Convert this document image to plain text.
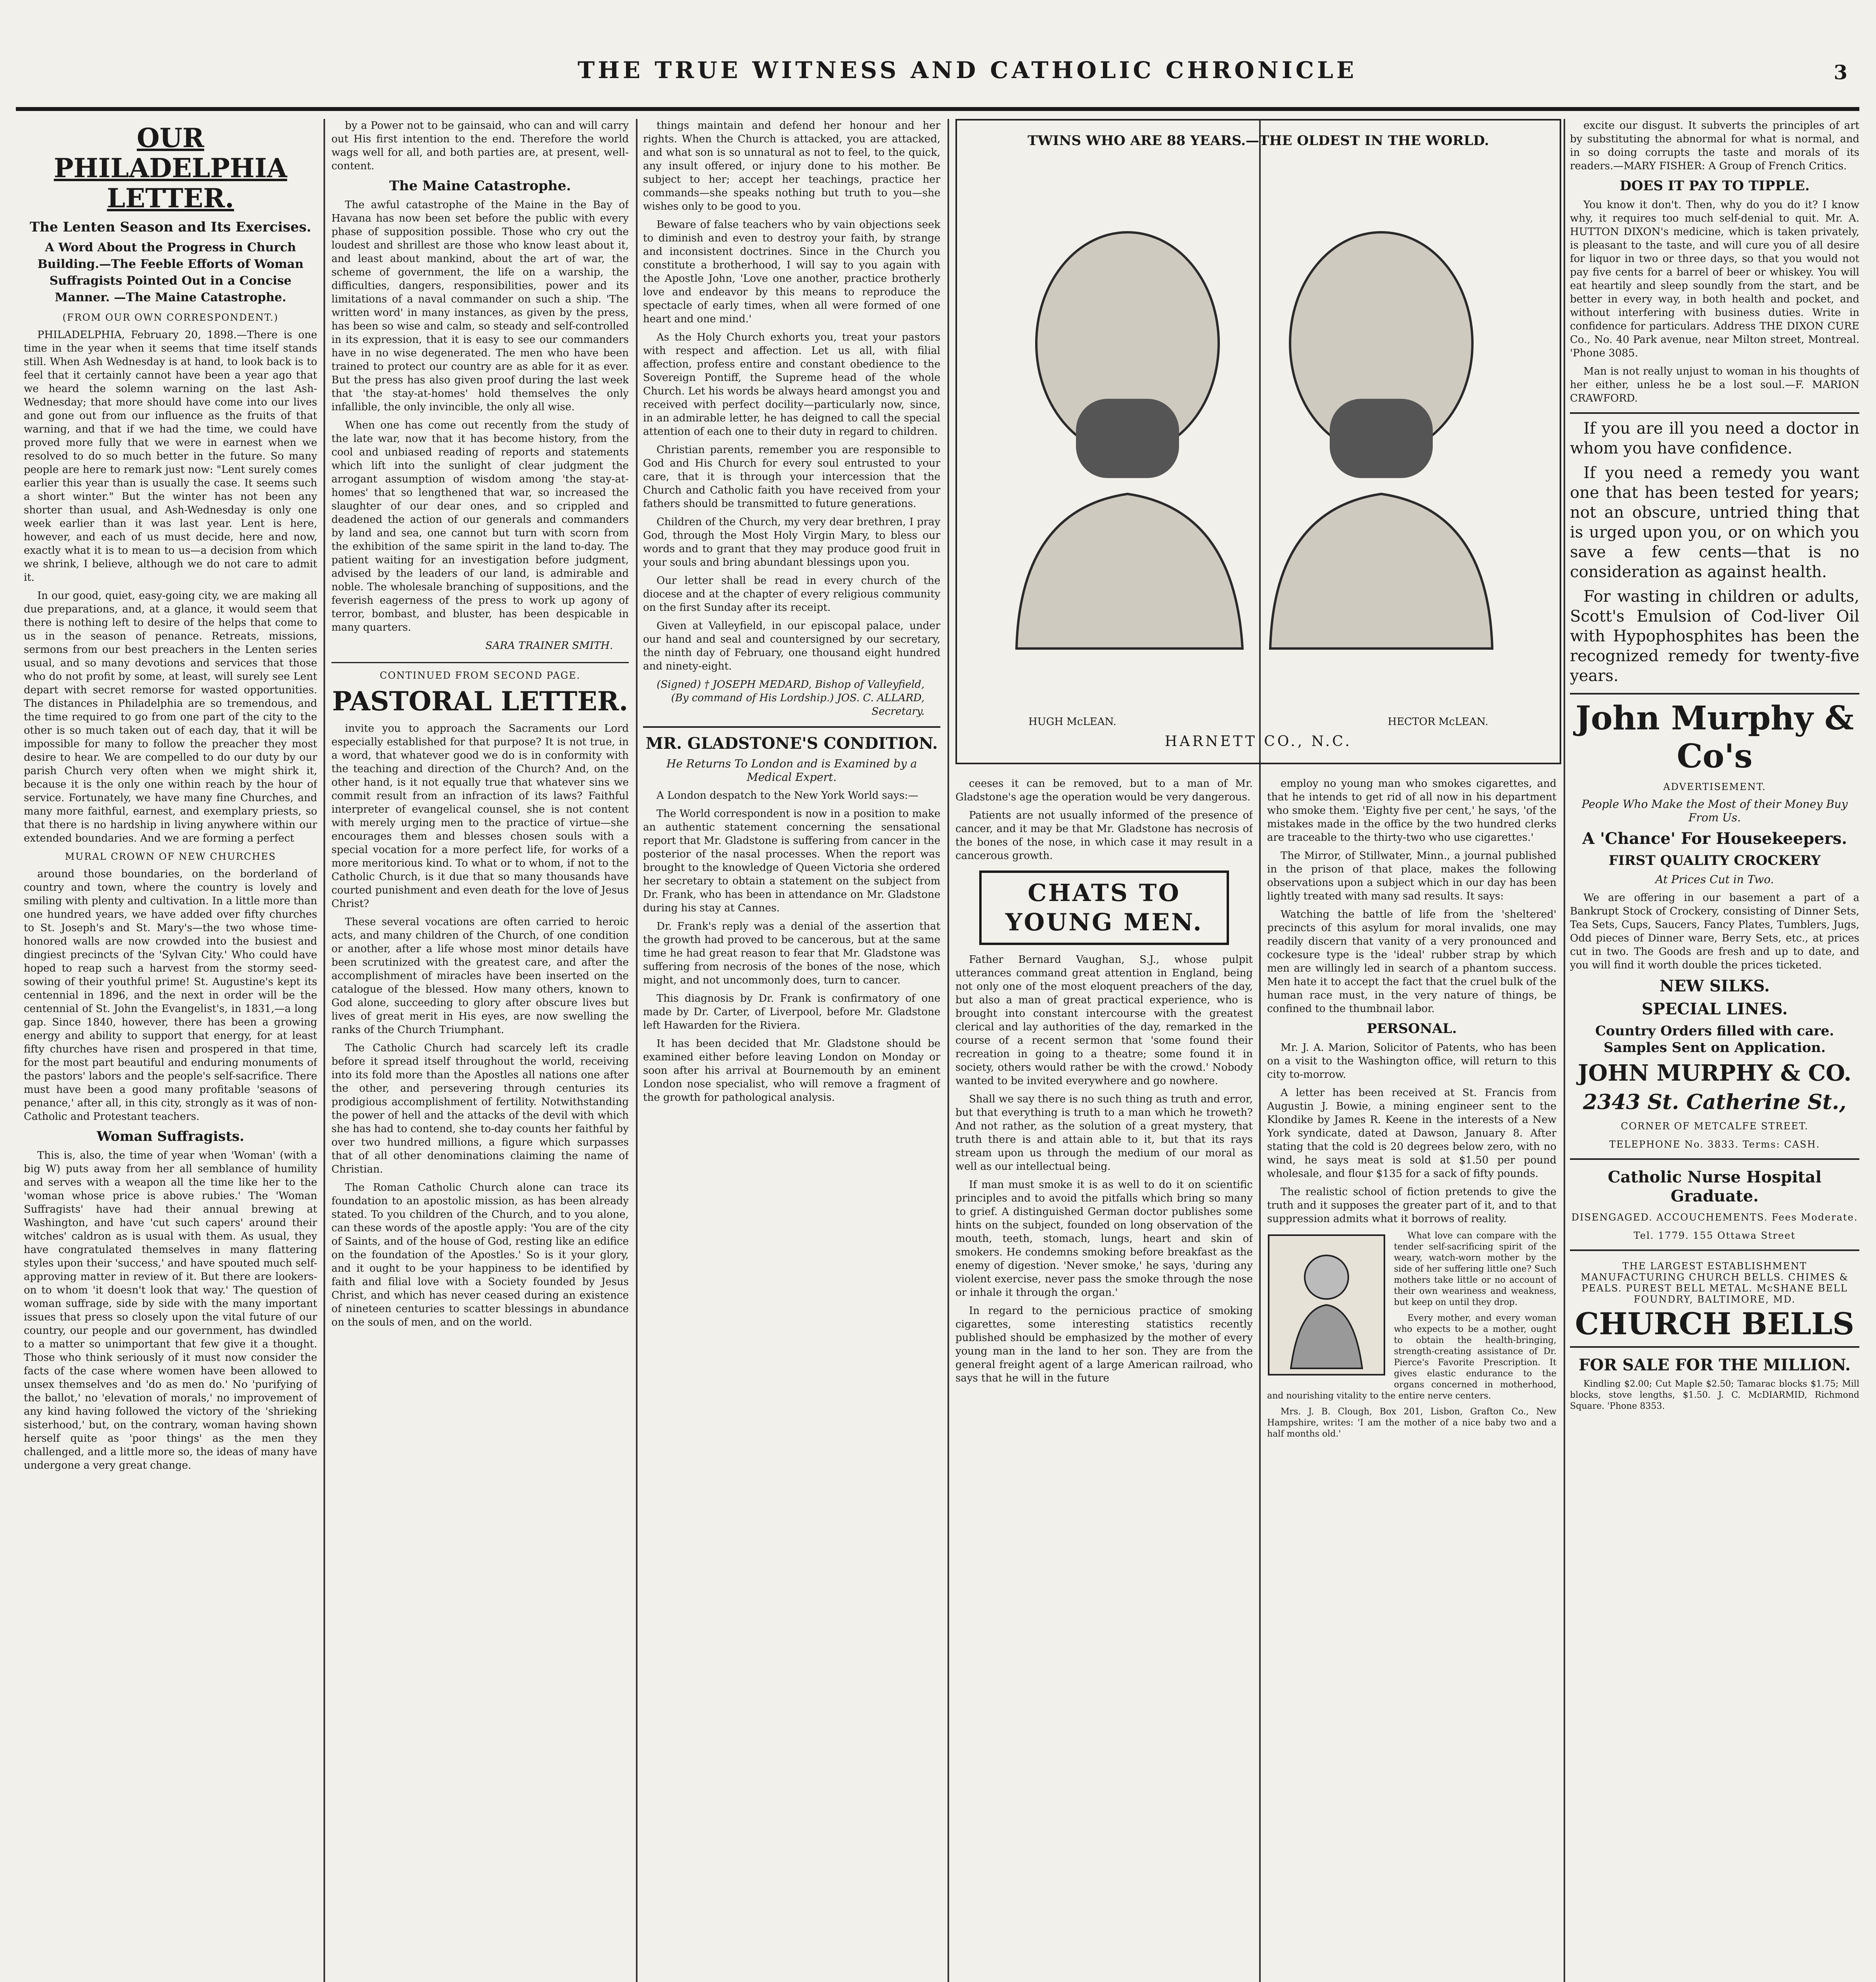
THE TRUE WITNESS AND CATHOLIC CHRONICLE	3
OUR PHILADELPHIA LETTER.
The Lenten Season and Its Exercises.
A Word About the Progress in Church Building.—The Feeble Efforts of Woman Suffragists Pointed Out in a Concise Manner. —The Maine Catastrophe.
(FROM OUR OWN CORRESPONDENT.)

PHILADELPHIA, February 20, 1898.—There is one time in the year when it seems that time itself stands still. When Ash Wednesday is at hand, to look back is to feel that it certainly cannot have been a year ago that we heard the solemn warning on the last Ash-Wednesday; that more should have come into our lives and gone out from our influence as the fruits of that warning, and that if we had the time, we could have proved more fully that we were in earnest when we resolved to do so much better in the future. So many people are here to remark just now: "Lent surely comes earlier this year than is usually the case. It seems such a short winter." But the winter has not been any shorter than usual, and Ash-Wednesday is only one week earlier than it was last year. Lent is here, however, and each of us must decide, here and now, exactly what it is to mean to us—a decision from which we shrink, I believe, although we do not care to admit it.

In our good, quiet, easy-going city, we are making all due preparations, and, at a glance, it would seem that there is nothing left to desire of the helps that come to us in the season of penance. Retreats, missions, sermons from our best preachers in the Lenten series usual, and so many devotions and services that those who do not profit by some, at least, will surely see Lent depart with secret remorse for wasted opportunities. The distances in Philadelphia are so tremendous, and the time required to go from one part of the city to the other is so much taken out of each day, that it will be impossible for many to follow the preacher they most desire to hear. We are compelled to do our duty by our parish Church very often when we might shirk it, because it is the only one within reach by the hour of service. Fortunately, we have many fine Churches, and many more faithful, earnest, and exemplary priests, so that there is no hardship in living anywhere within our extended boundaries. And we are forming a perfect

MURAL CROWN OF NEW CHURCHES

around those boundaries, on the borderland of country and town, where the country is lovely and smiling with plenty and cultivation. In a little more than one hundred years, we have added over fifty churches to St. Joseph's and St. Mary's—the two whose time-honored walls are now crowded into the busiest and dingiest precincts of the 'Sylvan City.' Who could have hoped to reap such a harvest from the stormy seed-sowing of their youthful prime! St. Augustine's kept its centennial in 1896, and the next in order will be the centennial of St. John the Evangelist's, in 1831,—a long gap. Since 1840, however, there has been a growing energy and ability to support that energy, for at least fifty churches have risen and prospered in that time, for the most part beautiful and enduring monuments of the pastors' labors and the people's self-sacrifice. There must have been a good many profitable 'seasons of penance,' after all, in this city, strongly as it was of non-Catholic and Protestant teachers.

Woman Suffragists.

This is, also, the time of year when 'Woman' (with a big W) puts away from her all semblance of humility and serves with a weapon all the time like her to the 'woman whose price is above rubies.' The 'Woman Suffragists' have had their annual brewing at Washington, and have 'cut such capers' around their witches' caldron as is usual with them. As usual, they have congratulated themselves in many flattering styles upon their 'success,' and have spouted much self-approving matter in review of it. But there are lookers-on to whom 'it doesn't look that way.' The question of woman suffrage, side by side with the many important issues that press so closely upon the vital future of our country, our people and our government, has dwindled to a matter so unimportant that few give it a thought. Those who think seriously of it must now consider the facts of the case where women have been allowed to unsex themselves and 'do as men do.' No 'purifying of the ballot,' no 'elevation of morals,' no improvement of any kind having followed the victory of the 'shrieking sisterhood,' but, on the contrary, woman having shown herself quite as 'poor things' as the men they challenged, and a little more so, the ideas of many have undergone a very great change.

by a Power not to be gainsaid, who can and will carry out His first intention to the end. Therefore the world wags well for all, and both parties are, at present, well-content.

The Maine Catastrophe.

The awful catastrophe of the Maine in the Bay of Havana has now been set before the public with every phase of supposition possible. Those who cry out the loudest and shrillest are those who know least about it, and least about mankind, about the art of war, the scheme of government, the life on a warship, the difficulties, dangers, responsibilities, power and its limitations of a naval commander on such a ship. 'The written word' in many instances, as given by the press, has been so wise and calm, so steady and self-controlled in its expression, that it is easy to see our commanders have in no wise degenerated. The men who have been trained to protect our country are as able for it as ever. But the press has also given proof during the last week that 'the stay-at-homes' hold themselves the only infallible, the only invincible, the only all wise.

When one has come out recently from the study of the late war, now that it has become history, from the cool and unbiased reading of reports and statements which lift into the sunlight of clear judgment the arrogant assumption of wisdom among 'the stay-at-homes' that so lengthened that war, so increased the slaughter of our dear ones, and so crippled and deadened the action of our generals and commanders by land and sea, one cannot but turn with scorn from the exhibition of the same spirit in the land to-day. The patient waiting for an investigation before judgment, advised by the leaders of our land, is admirable and noble. The wholesale branching of suppositions, and the feverish eagerness of the press to work up agony of terror, bombast, and bluster, has been despicable in many quarters.

SARA TRAINER SMITH.
CONTINUED FROM SECOND PAGE.
PASTORAL LETTER.

invite you to approach the Sacraments our Lord especially established for that purpose? It is not true, in a word, that whatever good we do is in conformity with the teaching and direction of the Church? And, on the other hand, is it not equally true that whatever sins we commit result from an infraction of its laws? Faithful interpreter of evangelical counsel, she is not content with merely urging men to the practice of virtue—she encourages them and blesses chosen souls with a special vocation for a more perfect life, for works of a more meritorious kind. To what or to whom, if not to the Catholic Church, is it due that so many thousands have courted punishment and even death for the love of Jesus Christ?

These several vocations are often carried to heroic acts, and many children of the Church, of one condition or another, after a life whose most minor details have been scrutinized with the greatest care, and after the accomplishment of miracles have been inserted on the catalogue of the blessed. How many others, known to God alone, succeeding to glory after obscure lives but lives of great merit in His eyes, are now swelling the ranks of the Church Triumphant.

The Catholic Church had scarcely left its cradle before it spread itself throughout the world, receiving into its fold more than the Apostles all nations one after the other, and persevering through centuries its prodigious accomplishment of fertility. Notwithstanding the power of hell and the attacks of the devil with which she has had to contend, she to-day counts her faithful by over two hundred millions, a figure which surpasses that of all other denominations claiming the name of Christian.

The Roman Catholic Church alone can trace its foundation to an apostolic mission, as has been already stated. To you children of the Church, and to you alone, can these words of the apostle apply: 'You are of the city of Saints, and of the house of God, resting like an edifice on the foundation of the Apostles.' So is it your glory, and it ought to be your happiness to be identified by faith and filial love with a Society founded by Jesus Christ, and which has never ceased during an existence of nineteen centuries to scatter blessings in abundance on the souls of men, and on the world.

things maintain and defend her honour and her rights. When the Church is attacked, you are attacked, and what son is so unnatural as not to feel, to the quick, any insult offered, or injury done to his mother. Be subject to her; accept her teachings, practice her commands—she speaks nothing but truth to you—she wishes only to be good to you.

Beware of false teachers who by vain objections seek to diminish and even to destroy your faith, by strange and inconsistent doctrines. Since in the Church you constitute a brotherhood, I will say to you again with the Apostle John, 'Love one another, practice brotherly love and endeavor by this means to reproduce the spectacle of early times, when all were formed of one heart and one mind.'

As the Holy Church exhorts you, treat your pastors with respect and affection. Let us all, with filial affection, profess entire and constant obedience to the Sovereign Pontiff, the Supreme head of the whole Church. Let his words be always heard amongst you and received with perfect docility—particularly now, since, in an admirable letter, he has deigned to call the special attention of each one to their duty in regard to children.

Christian parents, remember you are responsible to God and His Church for every soul entrusted to your care, that it is through your intercession that the Church and Catholic faith you have received from your fathers should be transmitted to future generations.

Children of the Church, my very dear brethren, I pray God, through the Most Holy Virgin Mary, to bless our words and to grant that they may produce good fruit in your souls and bring abundant blessings upon you.

Our letter shall be read in every church of the diocese and at the chapter of every religious community on the first Sunday after its receipt.

Given at Valleyfield, in our episcopal palace, under our hand and seal and countersigned by our secretary, the ninth day of February, one thousand eight hundred and ninety-eight.

(Signed) † JOSEPH MEDARD, Bishop of Valleyfield, (By command of His Lordship.) JOS. C. ALLARD, Secretary.
MR. GLADSTONE'S CONDITION.
He Returns To London and is Examined by a Medical Expert.

A London despatch to the New York World says:—

The World correspondent is now in a position to make an authentic statement concerning the sensational report that Mr. Gladstone is suffering from cancer in the posterior of the nasal processes. When the report was brought to the knowledge of Queen Victoria she ordered her secretary to obtain a statement on the subject from Dr. Frank, who has been in attendance on Mr. Gladstone during his stay at Cannes.

Dr. Frank's reply was a denial of the assertion that the growth had proved to be cancerous, but at the same time he had great reason to fear that Mr. Gladstone was suffering from necrosis of the bones of the nose, which might, and not uncommonly does, turn to cancer.

This diagnosis by Dr. Frank is confirmatory of one made by Dr. Carter, of Liverpool, before Mr. Gladstone left Hawarden for the Riviera.

It has been decided that Mr. Gladstone should be examined either before leaving London on Monday or soon after his arrival at Bournemouth by an eminent London nose specialist, who will remove a fragment of the growth for pathological analysis.

TWINS WHO ARE 88 YEARS.—THE OLDEST IN THE WORLD.
HUGH McLEAN.	HECTOR McLEAN.
HARNETT CO., N.C.

ceeses it can be removed, but to a man of Mr. Gladstone's age the operation would be very dangerous.

Patients are not usually informed of the presence of cancer, and it may be that Mr. Gladstone has necrosis of the bones of the nose, in which case it may result in a cancerous growth.

CHATS TO YOUNG MEN.

Father Bernard Vaughan, S.J., whose pulpit utterances command great attention in England, being not only one of the most eloquent preachers of the day, but also a man of great practical experience, who is brought into constant intercourse with the greatest clerical and lay authorities of the day, remarked in the course of a recent sermon that 'some found their recreation in going to a theatre; some found it in society, others would rather be with the crowd.' Nobody wanted to be invited everywhere and go nowhere.

Shall we say there is no such thing as truth and error, but that everything is truth to a man which he troweth? And not rather, as the solution of a great mystery, that truth there is and attain able to it, but that its rays stream upon us through the medium of our moral as well as our intellectual being.

If man must smoke it is as well to do it on scientific principles and to avoid the pitfalls which bring so many to grief. A distinguished German doctor publishes some hints on the subject, founded on long observation of the mouth, teeth, stomach, lungs, heart and skin of smokers. He condemns smoking before breakfast as the enemy of digestion. 'Never smoke,' he says, 'during any violent exercise, never pass the smoke through the nose or inhale it through the organ.'

In regard to the pernicious practice of smoking cigarettes, some interesting statistics recently published should be emphasized by the mother of every young man in the land to her son. They are from the general freight agent of a large American railroad, who says that he will in the future

employ no young man who smokes cigarettes, and that he intends to get rid of all now in his department who smoke them. 'Eighty five per cent,' he says, 'of the mistakes made in the office by the two hundred clerks are traceable to the thirty-two who use cigarettes.'

The Mirror, of Stillwater, Minn., a journal published in the prison of that place, makes the following observations upon a subject which in our day has been lightly treated with many sad results. It says:

Watching the battle of life from the 'sheltered' precincts of this asylum for moral invalids, one may readily discern that vanity of a very pronounced and cockesure type is the 'ideal' rubber strap by which men are willingly led in search of a phantom success. Men hate it to accept the fact that the cruel bulk of the human race must, in the very nature of things, be confined to the thumbnail labor.

PERSONAL.

Mr. J. A. Marion, Solicitor of Patents, who has been on a visit to the Washington office, will return to this city to-morrow.

A letter has been received at St. Francis from Augustin J. Bowie, a mining engineer sent to the Klondike by James R. Keene in the interests of a New York syndicate, dated at Dawson, January 8. After stating that the cold is 20 degrees below zero, with no wind, he says meat is sold at $1.50 per pound wholesale, and flour $135 for a sack of fifty pounds.

The realistic school of fiction pretends to give the truth and it supposes the greater part of it, and to that suppression admits what it borrows of reality.

What love can compare with the tender self-sacrificing spirit of the weary, watch-worn mother by the side of her suffering little one? Such mothers take little or no account of their own weariness and weakness, but keep on until they drop.

Every mother, and every woman who expects to be a mother, ought to obtain the health-bringing, strength-creating assistance of Dr. Pierce's Favorite Prescription. It gives elastic endurance to the organs concerned in motherhood, and nourishing vitality to the entire nerve centers.

Mrs. J. B. Clough, Box 201, Lisbon, Grafton Co., New Hampshire, writes: 'I am the mother of a nice baby two and a half months old.'

excite our disgust. It subverts the principles of art by substituting the abnormal for what is normal, and in so doing corrupts the taste and morals of its readers.—MARY FISHER: A Group of French Critics.

DOES IT PAY TO TIPPLE.

You know it don't. Then, why do you do it? I know why, it requires too much self-denial to quit. Mr. A. HUTTON DIXON's medicine, which is taken privately, is pleasant to the taste, and will cure you of all desire for liquor in two or three days, so that you would not pay five cents for a barrel of beer or whiskey. You will eat heartily and sleep soundly from the start, and be better in every way, in both health and pocket, and without interfering with business duties. Write in confidence for particulars. Address THE DIXON CURE Co., No. 40 Park avenue, near Milton street, Montreal. 'Phone 3085.

Man is not really unjust to woman in his thoughts of her either, unless he be a lost soul.—F. MARION CRAWFORD.

If you are ill you need a doctor in whom you have confidence.

If you need a remedy you want one that has been tested for years; not an obscure, untried thing that is urged upon you, or on which you save a few cents—that is no consideration as against health.

For wasting in children or adults, Scott's Emulsion of Cod-liver Oil with Hypophosphites has been the recognized remedy for twenty-five years.

John Murphy & Co's
ADVERTISEMENT.
People Who Make the Most of their Money Buy From Us.
A 'Chance' For Housekeepers.
FIRST QUALITY CROCKERY
At Prices Cut in Two.

We are offering in our basement a part of a Bankrupt Stock of Crockery, consisting of Dinner Sets, Tea Sets, Cups, Saucers, Fancy Plates, Tumblers, Jugs, Odd pieces of Dinner ware, Berry Sets, etc., at prices cut in two. The Goods are fresh and up to date, and you will find it worth double the prices ticketed.

NEW SILKS.
SPECIAL LINES.
Country Orders filled with care. Samples Sent on Application.
JOHN MURPHY & CO.
2343 St. Catherine St.,
CORNER OF METCALFE STREET.
TELEPHONE No. 3833. Terms: CASH.
Catholic Nurse Hospital Graduate.
DISENGAGED. ACCOUCHEMENTS. Fees Moderate.
Tel. 1779. 155 Ottawa Street
THE LARGEST ESTABLISHMENT MANUFACTURING CHURCH BELLS. CHIMES & PEALS. PUREST BELL METAL. McSHANE BELL FOUNDRY, BALTIMORE, MD.
CHURCH BELLS
FOR SALE FOR THE MILLION.

Kindling $2.00; Cut Maple $2.50; Tamarac blocks $1.75; Mill blocks, stove lengths, $1.50. J. C. McDIARMID, Richmond Square. 'Phone 8353.
